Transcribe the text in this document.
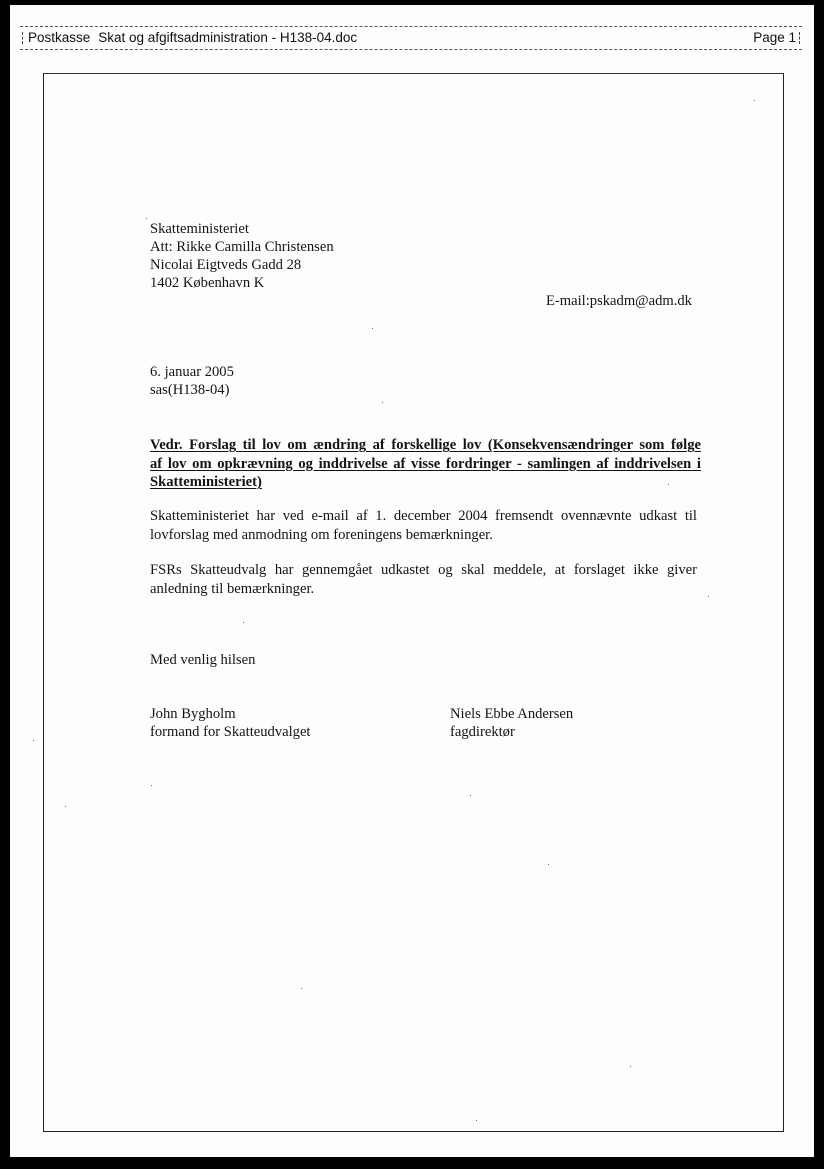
Postkasse Skat og afgiftsadministration - H138-04.doc	Page 1
Skatteministeriet
Att: Rikke Camilla Christensen
Nicolai Eigtveds Gadd 28
1402 København K
E-mail:pskadm@adm.dk
6. januar 2005
sas(H138-04)
Vedr. Forslag til lov om ændring af forskellige lov (Konsekvensændringer som følge
af lov om opkrævning og inddrivelse af visse fordringer - samlingen af inddrivelsen i
Skatteministeriet)
Skatteministeriet har ved e-mail af 1. december 2004 fremsendt ovennævnte udkast til lovforslag med anmodning om foreningens bemærkninger.
FSRs Skatteudvalg har gennemgået udkastet og skal meddele, at forslaget ikke giver anledning til bemærkninger.
Med venlig hilsen
John Bygholm
formand for Skatteudvalget
Niels Ebbe Andersen
fagdirektør
